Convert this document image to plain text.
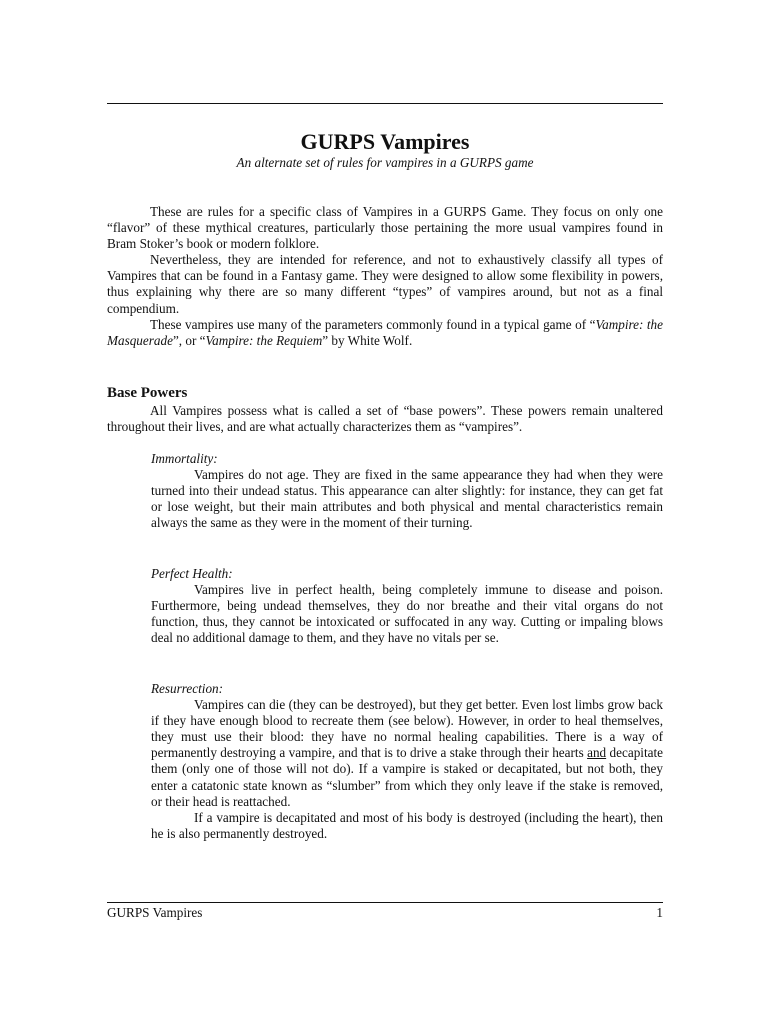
GURPS Vampires
An alternate set of rules for vampires in a GURPS game

These are rules for a specific class of Vampires in a GURPS Game. They focus on only one “flavor” of these mythical creatures, particularly those pertaining the more usual vampires found in Bram Stoker’s book or modern folklore.

Nevertheless, they are intended for reference, and not to exhaustively classify all types of Vampires that can be found in a Fantasy game. They were designed to allow some flexibility in powers, thus explaining why there are so many different “types” of vampires around, but not as a final compendium.

These vampires use many of the parameters commonly found in a typical game of “Vampire: the Masquerade”, or “Vampire: the Requiem” by White Wolf.

Base Powers

All Vampires possess what is called a set of “base powers”. These powers remain unaltered throughout their lives, and are what actually characterizes them as “vampires”.

Immortality:

Vampires do not age. They are fixed in the same appearance they had when they were turned into their undead status. This appearance can alter slightly: for instance, they can get fat or lose weight, but their main attributes and both physical and mental characteristics remain always the same as they were in the moment of their turning.

Perfect Health:

Vampires live in perfect health, being completely immune to disease and poison. Furthermore, being undead themselves, they do nor breathe and their vital organs do not function, thus, they cannot be intoxicated or suffocated in any way. Cutting or impaling blows deal no additional damage to them, and they have no vitals per se.

Resurrection:

Vampires can die (they can be destroyed), but they get better. Even lost limbs grow back if they have enough blood to recreate them (see below). However, in order to heal themselves, they must use their blood: they have no normal healing capabilities. There is a way of permanently destroying a vampire, and that is to drive a stake through their hearts and decapitate them (only one of those will not do). If a vampire is staked or decapitated, but not both, they enter a catatonic state known as “slumber” from which they only leave if the stake is removed, or their head is reattached.

If a vampire is decapitated and most of his body is destroyed (including the heart), then he is also permanently destroyed.

GURPS Vampires	1
